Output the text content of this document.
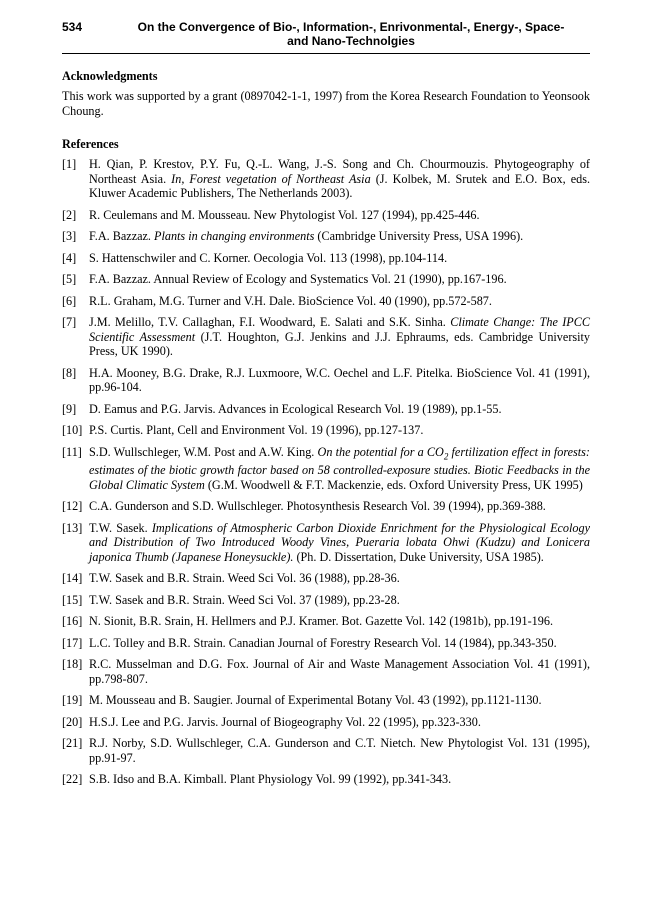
534	On the Convergence of Bio-, Information-, Enrivonmental-, Energy-, Space-
and Nano-Technolgies
Acknowledgments

This work was supported by a grant (0897042-1-1, 1997) from the Korea Research Foundation to Yeonsook Choung.

References
[1]	H. Qian, P. Krestov, P.Y. Fu, Q.-L. Wang, J.-S. Song and Ch. Chourmouzis. Phytogeography of Northeast Asia. In, Forest vegetation of Northeast Asia (J. Kolbek, M. Srutek and E.O. Box, eds. Kluwer Academic Publishers, The Netherlands 2003).
[2]	R. Ceulemans and M. Mousseau. New Phytologist Vol. 127 (1994), pp.425-446.
[3]	F.A. Bazzaz. Plants in changing environments (Cambridge University Press, USA 1996).
[4]	S. Hattenschwiler and C. Korner. Oecologia Vol. 113 (1998), pp.104-114.
[5]	F.A. Bazzaz. Annual Review of Ecology and Systematics Vol. 21 (1990), pp.167-196.
[6]	R.L. Graham, M.G. Turner and V.H. Dale. BioScience Vol. 40 (1990), pp.572-587.
[7]	J.M. Melillo, T.V. Callaghan, F.I. Woodward, E. Salati and S.K. Sinha. Climate Change: The IPCC Scientific Assessment (J.T. Houghton, G.J. Jenkins and J.J. Ephraums, eds. Cambridge University Press, UK 1990).
[8]	H.A. Mooney, B.G. Drake, R.J. Luxmoore, W.C. Oechel and L.F. Pitelka. BioScience Vol. 41 (1991), pp.96-104.
[9]	D. Eamus and P.G. Jarvis. Advances in Ecological Research Vol. 19 (1989), pp.1-55.
[10] P.S. Curtis. Plant, Cell and Environment Vol. 19 (1996), pp.127-137.
[11] S.D. Wullschleger, W.M. Post and A.W. King. On the potential for a $CO_2$ fertilization effect in forests: estimates of the biotic growth factor based on 58 controlled-exposure studies. Biotic Feedbacks in the Global Climatic System (G.M. Woodwell & F.T. Mackenzie, eds. Oxford University Press, UK 1995)
[12] C.A. Gunderson and S.D. Wullschleger. Photosynthesis Research Vol. 39 (1994), pp.369-388.
[13] T.W. Sasek. Implications of Atmospheric Carbon Dioxide Enrichment for the Physiological Ecology and Distribution of Two Introduced Woody Vines, Pueraria lobata Ohwi (Kudzu) and Lonicera japonica Thumb (Japanese Honeysuckle). (Ph. D. Dissertation, Duke University, USA 1985).
[14] T.W. Sasek and B.R. Strain. Weed Sci Vol. 36 (1988), pp.28-36.
[15] T.W. Sasek and B.R. Strain. Weed Sci Vol. 37 (1989), pp.23-28.
[16] N. Sionit, B.R. Srain, H. Hellmers and P.J. Kramer. Bot. Gazette Vol. 142 (1981b), pp.191-196.
[17] L.C. Tolley and B.R. Strain. Canadian Journal of Forestry Research Vol. 14 (1984), pp.343-350.
[18] R.C. Musselman and D.G. Fox. Journal of Air and Waste Management Association Vol. 41 (1991), pp.798-807.
[19] M. Mousseau and B. Saugier. Journal of Experimental Botany Vol. 43 (1992), pp.1121-1130.
[20] H.S.J. Lee and P.G. Jarvis. Journal of Biogeography Vol. 22 (1995), pp.323-330.
[21] R.J. Norby, S.D. Wullschleger, C.A. Gunderson and C.T. Nietch. New Phytologist Vol. 131 (1995), pp.91-97.
[22] S.B. Idso and B.A. Kimball. Plant Physiology Vol. 99 (1992), pp.341-343.
